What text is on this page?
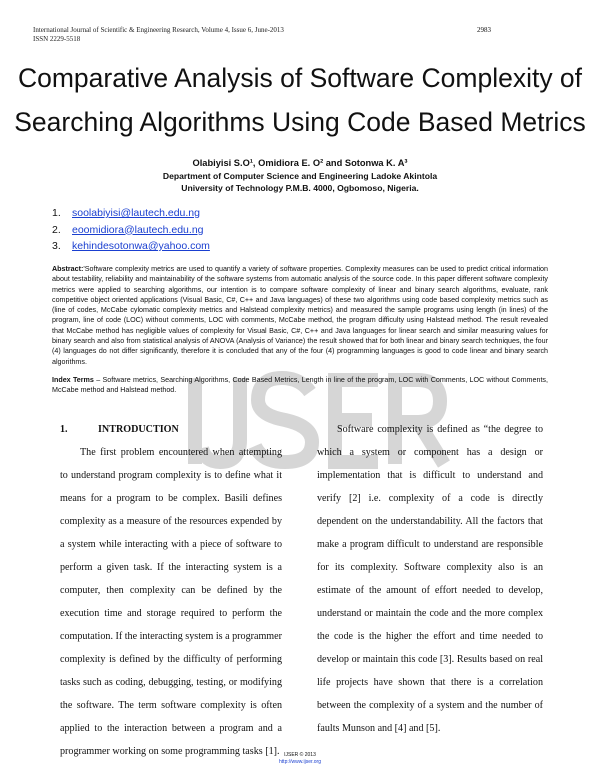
International Journal of Scientific & Engineering Research, Volume 4, Issue 6, June-2013
ISSN 2229-5518
2983
Comparative Analysis of Software Complexity of
Searching Algorithms Using Code Based Metrics
Olabiyisi S.O¹, Omidiora E. O² and Sotonwa K. A³
Department of Computer Science and Engineering Ladoke Akintola
University of Technology P.M.B. 4000, Ogbomoso, Nigeria.
1. soolabiyisi@lautech.edu.ng
2. eoomidiora@lautech.edu.ng
3. kehindesotonwa@yahoo.com

Abstract:'Software complexity metrics are used to quantify a variety of software properties. Complexity measures can be used to predict critical information about testability, reliability and maintainability of the software systems from automatic analysis of the source code. In this paper different software complexity metrics were applied to searching algorithms, our intention is to compare software complexity of linear and binary search algorithms, evaluate, rank competitive object oriented applications (Visual Basic, C#, C++ and Java languages) of these two algorithms using code based complexity metrics such as (line of codes, McCabe cylomatic complexity metrics and Halstead complexity metrics) and measured the sample programs using length (in lines) of the program, line of code (LOC) without comments, LOC with comments, McCabe method, the program difficulty using Halstead method. The result revealed that McCabe method has negligible values of complexity for Visual Basic, C#, C++ and Java languages for linear search and similar measuring values for binary search and also from statistical analysis of ANOVA (Analysis of Variance) the result showed that for both linear and binary search techniques, the four (4) languages do not differ significantly, therefore it is concluded that any of the four (4) programming languages is good to code linear and binary search algorithms.

Index Terms – Software metrics, Searching Algorithms, Code Based Metrics, Length in line of the program, LOC with Comments, LOC without Comments, McCabe method and Halstead method.

1.	INTRODUCTION

The first problem encountered when attempting to understand program complexity is to define what it means for a program to be complex. Basili defines complexity as a measure of the resources expended by a system while interacting with a piece of software to perform a given task. If the interacting system is a computer, then complexity can be defined by the execution time and storage required to perform the computation. If the interacting system is a programmer complexity is defined by the difficulty of performing tasks such as coding, debugging, testing, or modifying the software. The term software complexity is often applied to the interaction between a program and a programmer working on some programming tasks [1].

Software complexity is defined as “the degree to which a system or component has a design or implementation that is difficult to understand and verify [2] i.e. complexity of a code is directly dependent on the understandability. All the factors that make a program difficult to understand are responsible for its complexity. Software complexity also is an estimate of the amount of effort needed to develop, understand or maintain the code and the more complex the code is the higher the effort and time needed to develop or maintain this code [3]. Results based on real life projects have shown that there is a correlation between the complexity of a system and the number of faults Munson and [4] and [5].

IJSER © 2013
http://www.ijser.org
